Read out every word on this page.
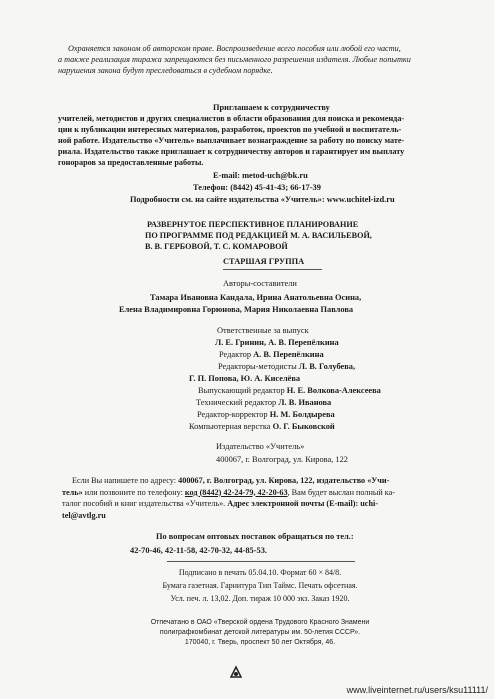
Охраняется законом об авторском праве. Воспроизведение всего пособия или любой его части,
а также реализация тиража запрещаются без письменного разрешения издателя. Любые попытки
нарушения закона будут преследоваться в судебном порядке.
Приглашаем к сотрудничеству
учителей, методистов и других специалистов в области образования для поиска и рекоменда-
ции к публикации интересных материалов, разработок, проектов по учебной и воспитатель-
ной работе. Издательство «Учитель» выплачивает вознаграждение за работу по поиску мате-
риала. Издательство также приглашает к сотрудничеству авторов и гарантирует им выплату
гонораров за предоставленные работы.
E-mail: metod-uch@bk.ru
Телефон: (8442) 45-41-43; 66-17-39
Подробности см. на сайте издательства «Учитель»: www.uchitel-izd.ru
РАЗВЕРНУТОЕ ПЕРСПЕКТИВНОЕ ПЛАНИРОВАНИЕ
ПО ПРОГРАММЕ ПОД РЕДАКЦИЕЙ М. А. ВАСИЛЬЕВОЙ,
В. В. ГЕРБОВОЙ, Т. С. КОМАРОВОЙ
СТАРШАЯ ГРУППА
Авторы-составители
Тамара Ивановна Кандала, Ирина Анатольевна Осина,
Елена Владимировна Горюнова, Мария Николаевна Павлова
Ответственные за выпуск
Л. Е. Гринин, А. В. Перепёлкина
Редактор А. В. Перепёлкина
Редакторы-методисты Л. В. Голубева,
Г. П. Попова, Ю. А. Киселёва
Выпускающий редактор Н. Е. Волкова-Алексеева
Технический редактор Л. В. Иванова
Редактор-корректор Н. М. Болдырева
Компьютерная верстка О. Г. Быковской
Издательство «Учитель»
400067, г. Волгоград, ул. Кирова, 122
Если Вы напишете по адресу: 400067, г. Волгоград, ул. Кирова, 122, издательство «Учи-
тель» или позвоните по телефону: код (8442) 42-24-79, 42-20-63, Вам будет выслан полный ка-
талог пособий и книг издательства «Учитель». Адрес электронной почты (E-mail): uchi-
tel@avtlg.ru
По вопросам оптовых поставок обращаться по тел.:
42-70-46, 42-11-58, 42-70-32, 44-85-53.
Подписано в печать 05.04.10. Формат 60 × 84/8.
Бумага газетная. Гарнитура Тип Таймс. Печать офсетная.
Усл. печ. л. 13,02. Доп. тираж 10 000 экз. Заказ 1920.
Отпечатано в ОАО «Тверской ордена Трудового Красного Знамени
полиграфкомбинат детской литературы им. 50-летия СССР».
170040, г. Тверь, проспект 50 лет Октября, 46.
www.liveinternet.ru/users/ksu11111/
